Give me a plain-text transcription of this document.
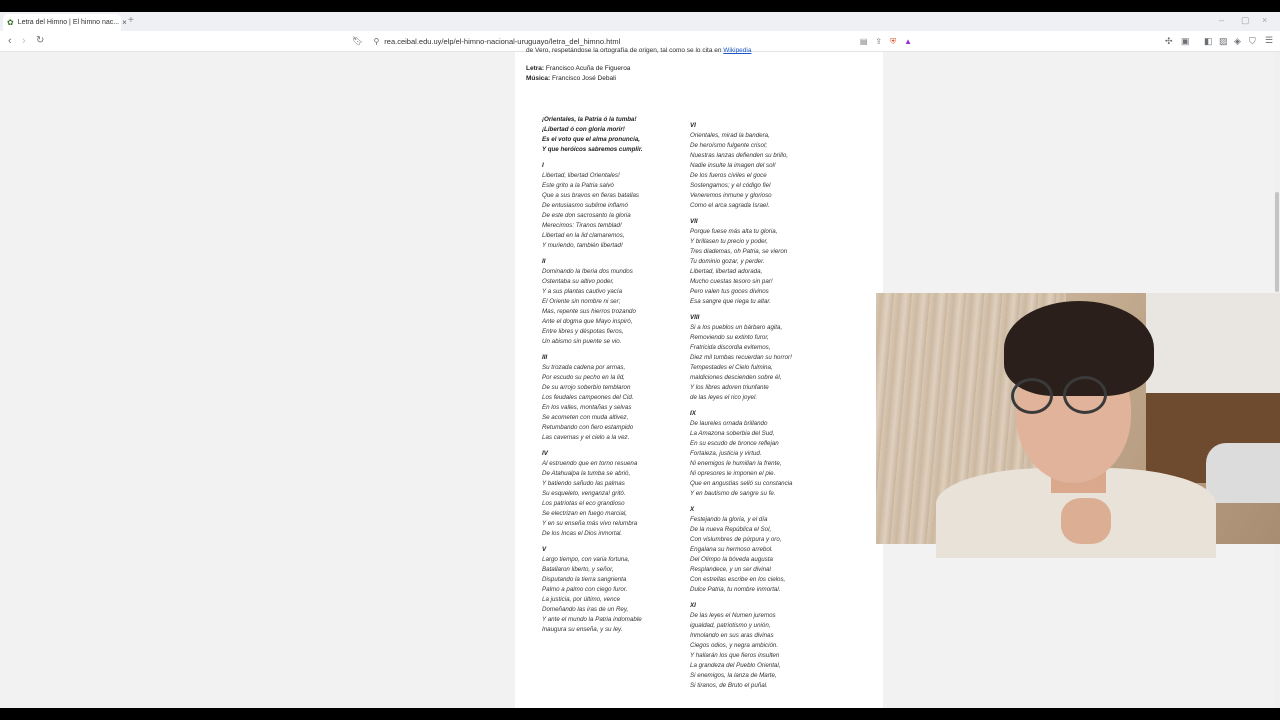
✿ Letra del Himno | El himno nac... × +	– ▢ ×
‹ › ↻	🔖︎ ⚲ rea.ceibal.edu.uy/elp/el-himno-nacional-uruguayo/letra_del_himno.html	▤ ⇪ ⛨ ▲	✣ ▣ ◧ ▨ ◈ ⛉ ☰
de Vero, respetándose la ortografía de origen, tal como se lo cita en Wikipedia
Letra: Francisco Acuña de Figueroa
Música: Francisco José Debali
¡Orientales, la Patria ó la tumba!
¡Libertad ó con gloria morir!
Es el voto que el alma pronuncia,
Y que heróicos sabremos cumplir.
I
Libertad, libertad Orientales!
Este grito a la Patria salvó
Que a sus bravos en fieras batallas
De entusiasmo sublime inflamó
De este don sacrosanto la gloria
Merecimos: Tiranos temblad!
Libertad en la lid clamaremos,
Y muriendo, también libertad!
II
Dominando la Iberia dos mundos
Ostentaba su altivo poder,
Y a sus plantas cautivo yacía
El Oriente sin nombre ni ser;
Mas, repente sus hierros trozando
Ante el dogma que Mayo inspiró,
Entre libres y déspotas fieros,
Un abismo sin puente se vio.
III
Su trozada cadena por armas,
Por escudo su pecho en la lid,
De su arrojo soberbio temblaron
Los feudales campeones del Cid.
En los valles, montañas y selvas
Se acometen con muda altivez,
Retumbando con fiero estampido
Las cavernas y el cielo a la vez.
IV
Al estruendo que en torno resuena
De Atahualpa la tumba se abrió,
Y batiendo sañudo las palmas
Su esqueleto, venganza! gritó.
Los patriotas el eco grandioso
Se electrizan en fuego marcial,
Y en su enseña más vivo relumbra
De los Incas el Dios inmortal.
V
Largo tiempo, con varia fortuna,
Batallaron liberto, y señor,
Disputando la tierra sangrienta
Palmo a palmo con ciego furor.
La justicia, por último, vence
Domeñando las iras de un Rey,
Y ante el mundo la Patria indomable
Inaugura su enseña, y su ley.
VI
Orientales, mirad la bandera,
De heroísmo fulgente crisol;
Nuestras lanzas defienden su brillo,
Nadie insulte la imagen del sol!
De los fueros civiles el goce
Sostengamos; y el código fiel
Veneremos inmune y glorioso
Como el arca sagrada Israel.
VII
Porque fuese más alta tu gloria,
Y brillasen tu precio y poder,
Tres diademas, oh Patria, se vieron
Tu dominio gozar, y perder.
Libertad, libertad adorada,
Mucho cuestas tesoro sin par!
Pero valen tus goces divinos
Esa sangre que riega tu altar.
VIII
Si a los pueblos un bárbaro agita,
Removiendo su extinto furor,
Fratricida discordia evitemos,
Diez mil tumbas recuerdan su horror!
Tempestades el Cielo fulmina,
maldiciones descienden sobre él,
Y los libres adoren triunfante
de las leyes el rico joyel.
IX
De laureles ornada brillando
La Amazona soberbia del Sud,
En su escudo de bronce reflejan
Fortaleza, justicia y virtud.
Ni enemigos le humillan la frente,
Ni opresores le imponen el pie.
Que en angustias selló su constancia
Y en bautismo de sangre su fe.
X
Festejando la gloria, y el día
De la nueva República el Sol,
Con vislumbres de púrpura y oro,
Engalana su hermoso arrebol.
Del Olimpo la bóveda augusta
Resplandece, y un ser divinal
Con estrellas escribe en los cielos,
Dulce Patria, tu nombre inmortal.
XI
De las leyes el Numen juremos
igualdad, patriotismo y unión,
Inmolando en sus aras divinas
Ciegos odios, y negra ambición.
Y hallarán los que fieros insulten
La grandeza del Pueblo Oriental,
Si enemigos, la lanza de Marte,
Si tiranos, de Bruto el puñal.
